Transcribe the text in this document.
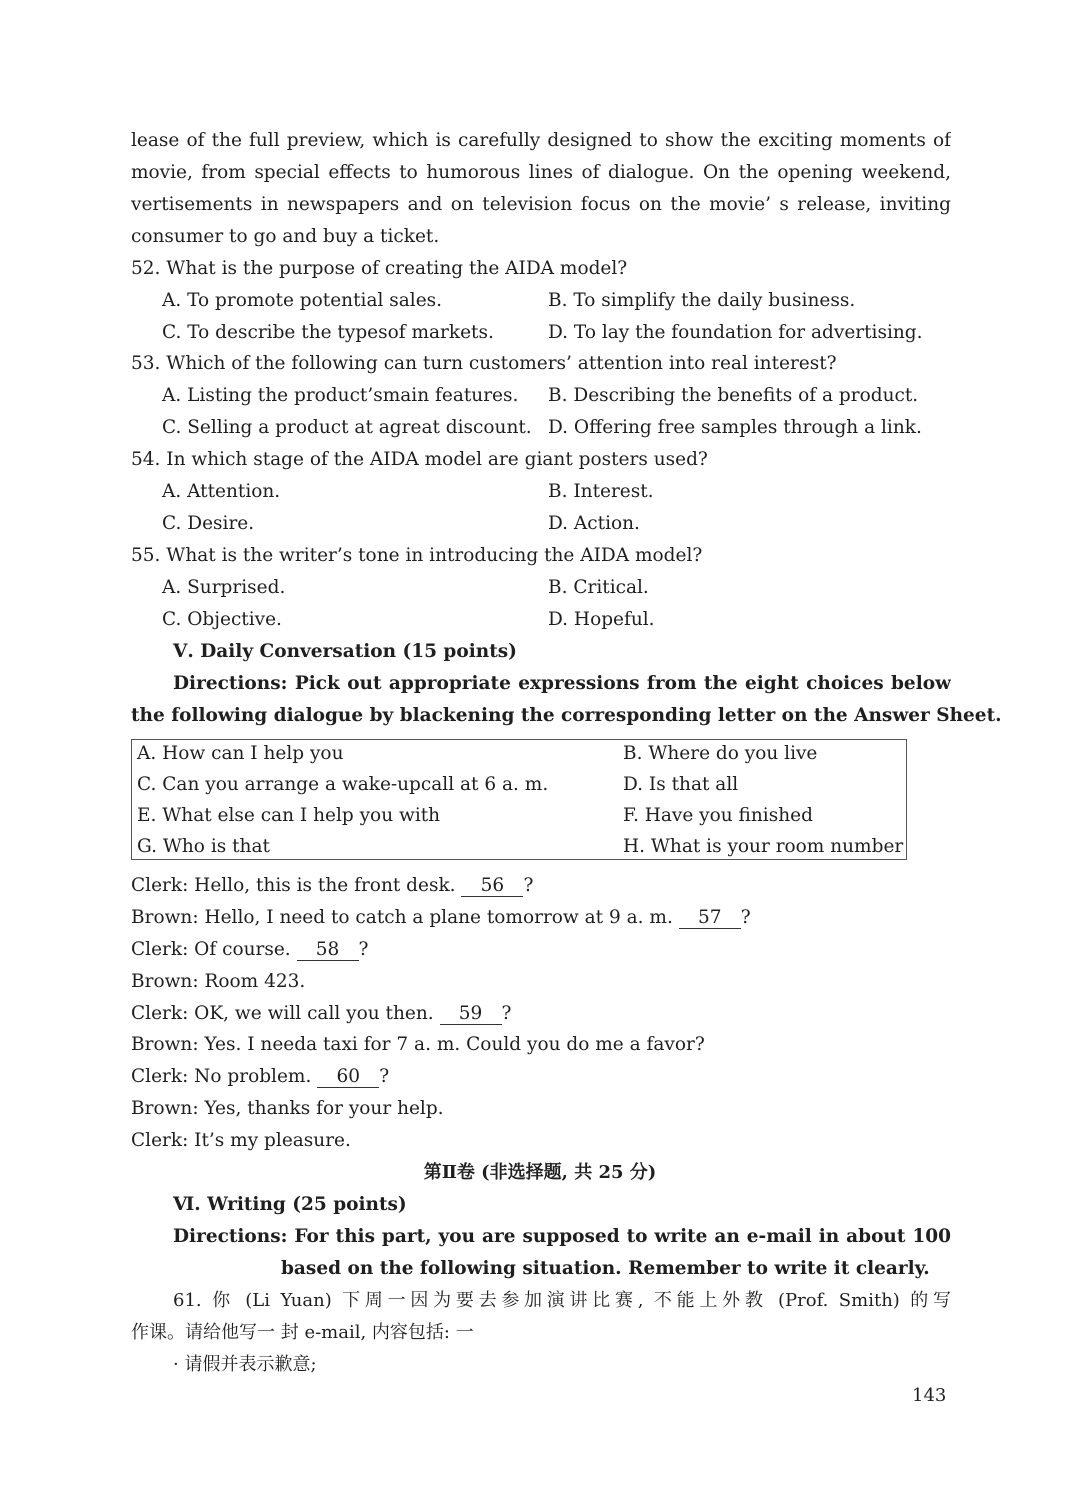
lease of the full preview, which is carefully designed to show the exciting moments of
movie, from special effects to humorous lines of dialogue. On the opening weekend,
vertisements in newspapers and on television focus on the movie’ s release, inviting
consumer to go and buy a ticket.
52. What is the purpose of creating the AIDA model?
A. To promote potential sales.	B. To simplify the daily business.
C. To describe the typesof markets.	D. To lay the foundation for advertising.
53. Which of the following can turn customers’ attention into real interest?
A. Listing the product’smain features. B. Describing the benefits of a product.
C. Selling a product at agreat discount. D. Offering free samples through a link.
54. In which stage of the AIDA model are giant posters used?
A. Attention.	B. Interest.
C. Desire.	D. Action.
55. What is the writer’s tone in introducing the AIDA model?
A. Surprised.	B. Critical.
C. Objective.	D. Hopeful.
Ⅴ. Daily Conversation (15 points)
Directions: Pick out appropriate expressions from the eight choices below
the following dialogue by blackening the corresponding letter on the Answer Sheet.
A. How can I help you	B. Where do you live
C. Can you arrange a wake-upcall at 6 a. m.	D. Is that all
E. What else can I help you with	F. Have you finished
G. Who is that	H. What is your room number
Clerk: Hello, this is the front desk. 56 ?
Brown: Hello, I need to catch a plane tomorrow at 9 a. m. 57 ?
Clerk: Of course. 58 ?
Brown: Room 423.
Clerk: OK, we will call you then. 59 ?
Brown: Yes. I needa taxi for 7 a. m. Could you do me a favor?
Clerk: No problem. 60 ?
Brown: Yes, thanks for your help.
Clerk: It’s my pleasure.
第Ⅱ卷 (非选择题, 共 25 分)
Ⅵ. Writing (25 points)
Directions: For this part, you are supposed to write an e-mail in about 100
based on the following situation. Remember to write it clearly.
61. 你 (Li Yuan) 下周一因为要去参加演讲比赛, 不能上外教 (Prof. Smith) 的写
作课。请给他写一 封 e-mail, 内容包括: 一
· 请假并表示歉意;
143
